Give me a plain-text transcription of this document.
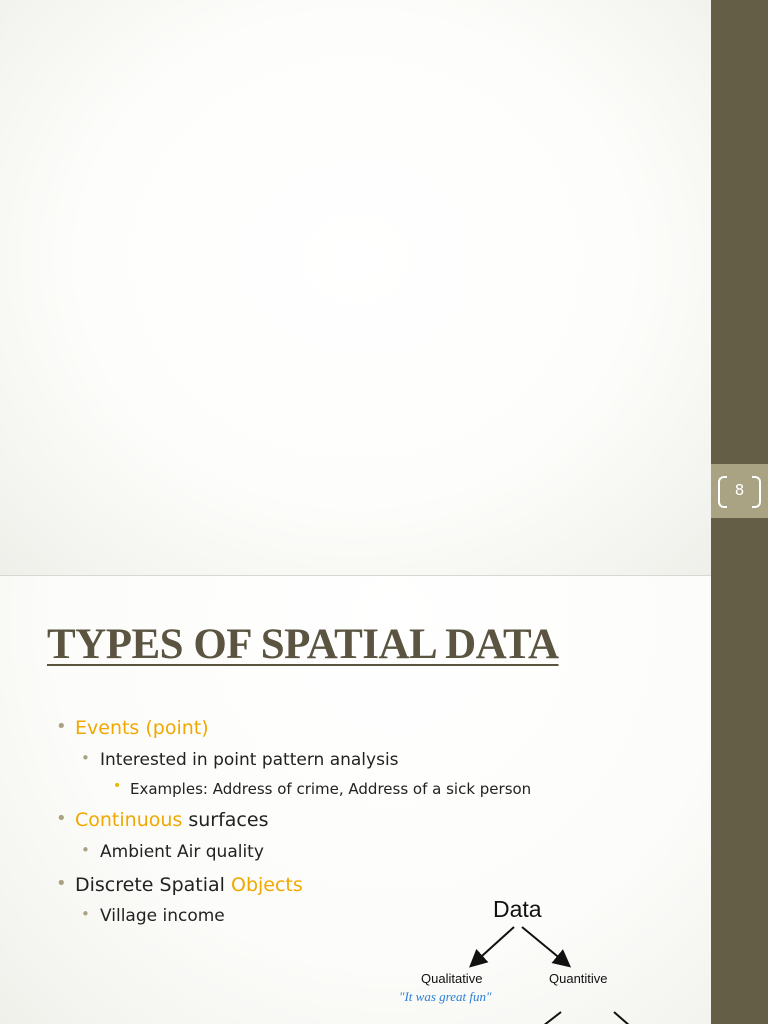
8
TYPES OF SPATIAL DATA
• Events (point)
• Interested in point pattern analysis
• Examples: Address of crime, Address of a sick person
• Continuous surfaces
• Ambient Air quality
• Discrete Spatial Objects
• Village income	Data
Qualitative	Quantitive
"It was great fun"
